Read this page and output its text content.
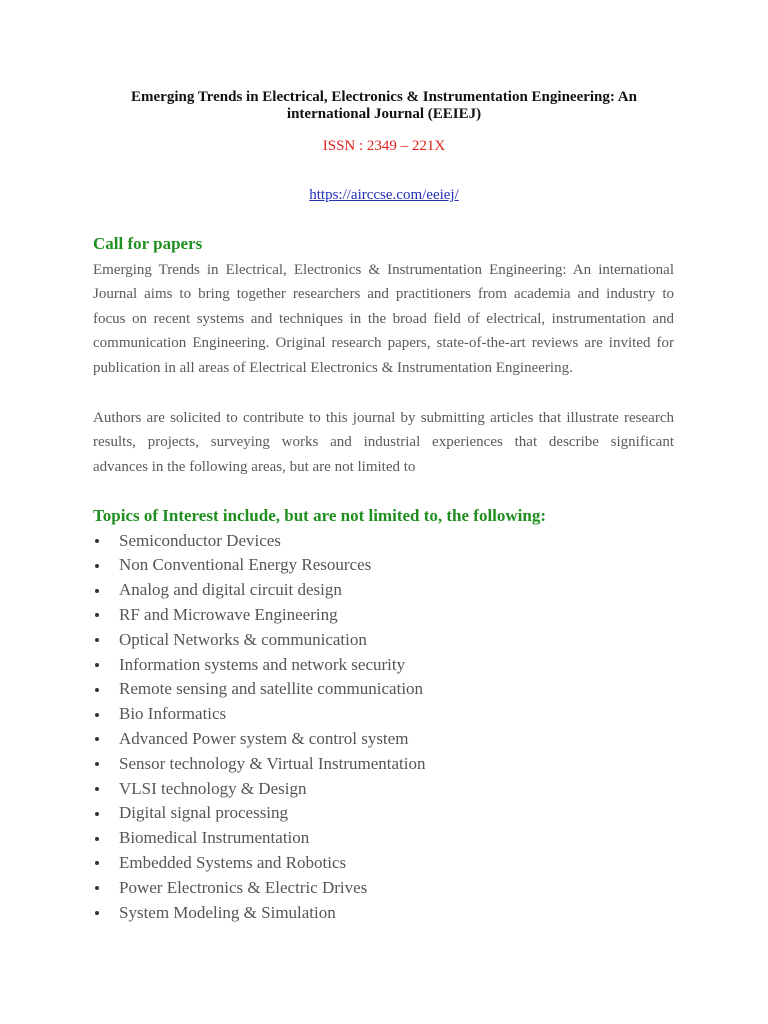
Emerging Trends in Electrical, Electronics & Instrumentation Engineering: An
international Journal (EEIEJ)
ISSN : 2349 – 221X
https://airccse.com/eeiej/
Call for papers
Emerging Trends in Electrical, Electronics & Instrumentation Engineering: An international
Journal aims to bring together researchers and practitioners from academia and industry to
focus on recent systems and techniques in the broad field of electrical, instrumentation and
communication Engineering. Original research papers, state-of-the-art reviews are invited for
publication in all areas of Electrical Electronics & Instrumentation Engineering.
Authors are solicited to contribute to this journal by submitting articles that illustrate research
results, projects, surveying works and industrial experiences that describe significant
advances in the following areas, but are not limited to
Topics of Interest include, but are not limited to, the following:
Semiconductor Devices
Non Conventional Energy Resources
Analog and digital circuit design
RF and Microwave Engineering
Optical Networks & communication
Information systems and network security
Remote sensing and satellite communication
Bio Informatics
Advanced Power system & control system
Sensor technology & Virtual Instrumentation
VLSI technology & Design
Digital signal processing
Biomedical Instrumentation
Embedded Systems and Robotics
Power Electronics & Electric Drives
System Modeling & Simulation
